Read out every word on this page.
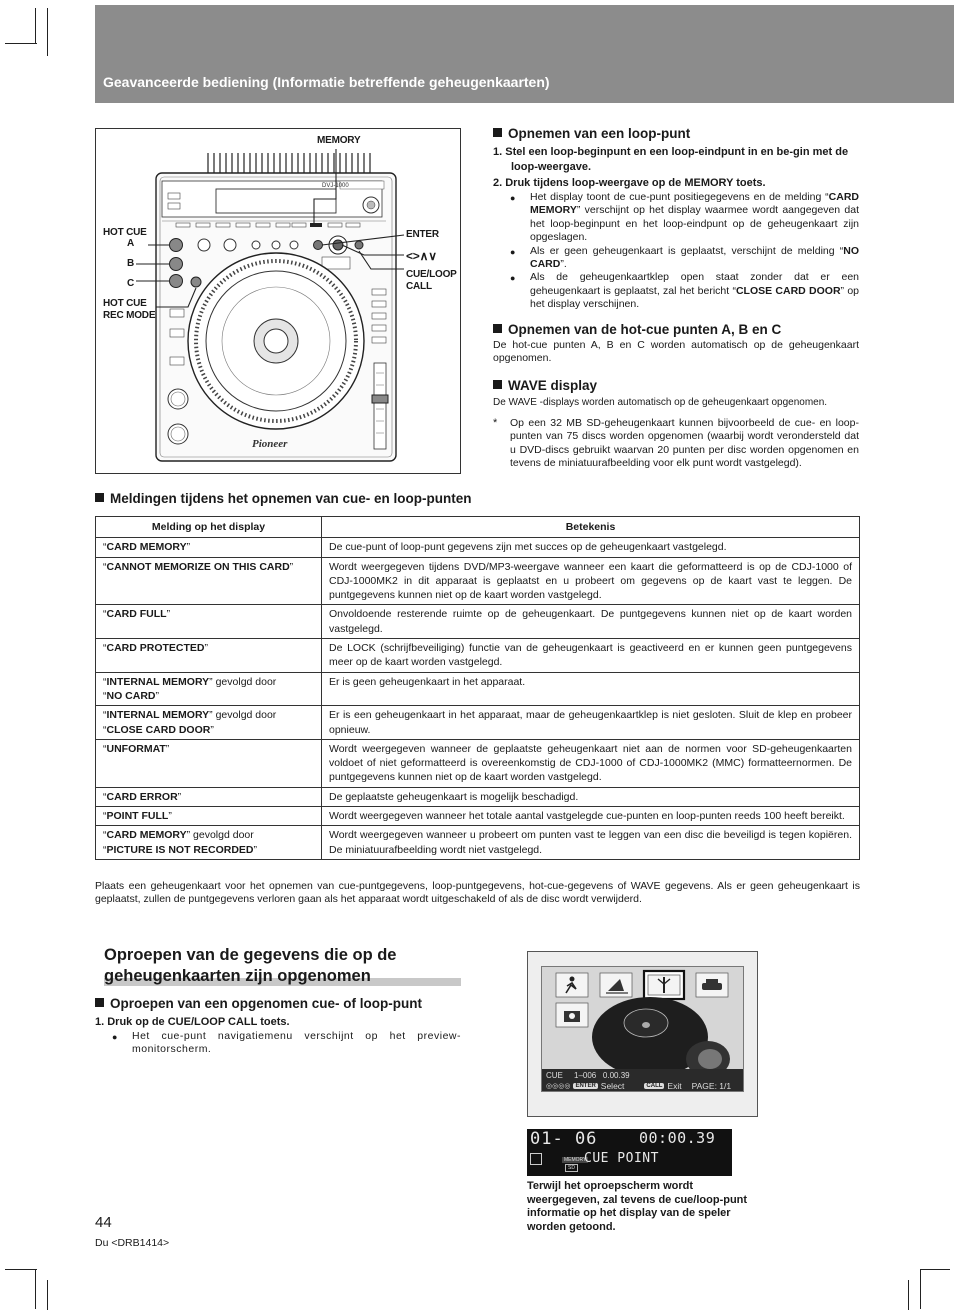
Geavanceerde bediening (Informatie betreffende geheugenkaarten)
DVJ-1000
Pioneer
MEMORY
HOT CUE
A
B
C
HOT CUE
REC MODE
ENTER
<>∧∨
CUE/LOOP
CALL
Opnemen van een loop-punt
1. Stel een loop-beginpunt en een loop-eindpunt in en be-gin met de loop-weergave.
2. Druk tijdens loop-weergave op de MEMORY toets.
●	Het display toont de cue-punt positiegegevens en de melding “CARD MEMORY” verschijnt op het display waarmee wordt aangegeven dat het loop-beginpunt en het loop-eindpunt op de geheugenkaart zijn opgeslagen.
●	Als er geen geheugenkaart is geplaatst, verschijnt de melding “NO CARD”.
●	Als de geheugenkaartklep open staat zonder dat er een geheugenkaart is geplaatst, zal het bericht “CLOSE CARD DOOR” op het display verschijnen.
Opnemen van de hot-cue punten A, B en C
De hot-cue punten A, B en C worden automatisch op de geheugenkaart opgenomen.
WAVE display
De WAVE -displays worden automatisch op de geheugenkaart opgenomen.
* Op een 32 MB SD-geheugenkaart kunnen bijvoorbeeld de cue- en loop-punten van 75 discs worden opgenomen (waarbij wordt verondersteld dat u DVD-discs gebruikt waarvan 20 punten per disc worden opgenomen en tevens de miniatuurafbeelding voor elk punt wordt vastgelegd).
Meldingen tijdens het opnemen van cue- en loop-punten
Melding op het display	Betekenis
“CARD MEMORY”	De cue-punt of loop-punt gegevens zijn met succes op de geheugenkaart vastgelegd.
“CANNOT MEMORIZE ON THIS CARD”	Wordt weergegeven tijdens DVD/MP3-weergave wanneer een kaart die geformatteerd is op de CDJ-1000 of CDJ-1000MK2 in dit apparaat is geplaatst en u probeert om gegevens op de kaart vast te leggen. De puntgegevens kunnen niet op de kaart worden vastgelegd.
“CARD FULL”	Onvoldoende resterende ruimte op de geheugenkaart. De puntgegevens kunnen niet op de kaart worden vastgelegd.
“CARD PROTECTED”	De LOCK (schrijfbeveiliging) functie van de geheugenkaart is geactiveerd en er kunnen geen puntgegevens meer op de kaart worden vastgelegd.
“INTERNAL MEMORY” gevolgd door
“NO CARD”	Er is geen geheugenkaart in het apparaat.
“INTERNAL MEMORY” gevolgd door
“CLOSE CARD DOOR”	Er is een geheugenkaart in het apparaat, maar de geheugenkaartklep is niet gesloten. Sluit de klep en probeer opnieuw.
“UNFORMAT”	Wordt weergegeven wanneer de geplaatste geheugenkaart niet aan de normen voor SD-geheugenkaarten voldoet of niet geformatteerd is overeenkomstig de CDJ-1000 of CDJ-1000MK2 (MMC) formatteernormen. De puntgegevens kunnen niet op de kaart worden vastgelegd.
“CARD ERROR”	De geplaatste geheugenkaart is mogelijk beschadigd.
“POINT FULL”	Wordt weergegeven wanneer het totale aantal vastgelegde cue-punten en loop-punten reeds 100 heeft bereikt.
“CARD MEMORY” gevolgd door
“PICTURE IS NOT RECORDED”	Wordt weergegeven wanneer u probeert om punten vast te leggen van een disc die beveiligd is tegen kopiëren. De miniatuurafbeelding wordt niet vastgelegd.
Plaats een geheugenkaart voor het opnemen van cue-puntgegevens, loop-puntgegevens, hot-cue-gegevens of WAVE gegevens. Als er geen geheugenkaart is geplaatst, zullen de puntgegevens verloren gaan als het apparaat wordt uitgeschakeld of als de disc wordt verwijderd.
Oproepen van de gegevens die op de geheugenkaarten zijn opgenomen
Oproepen van een opgenomen cue- of loop-punt
1. Druk op de CUE/LOOP CALL toets.
●	Het cue-punt navigatiemenu verschijnt op het preview-monitorscherm.
CUE     1–006   0.00.39
◎◎◎◎ ENTER Select	CALL Exit PAGE: 1/1
01- 06	00:00.39
MEMORY
SD
CUE POINT
Terwijl het oproepscherm wordt weergegeven, zal tevens de cue/loop-punt informatie op het display van de speler worden getoond.
44
Du <DRB1414>
